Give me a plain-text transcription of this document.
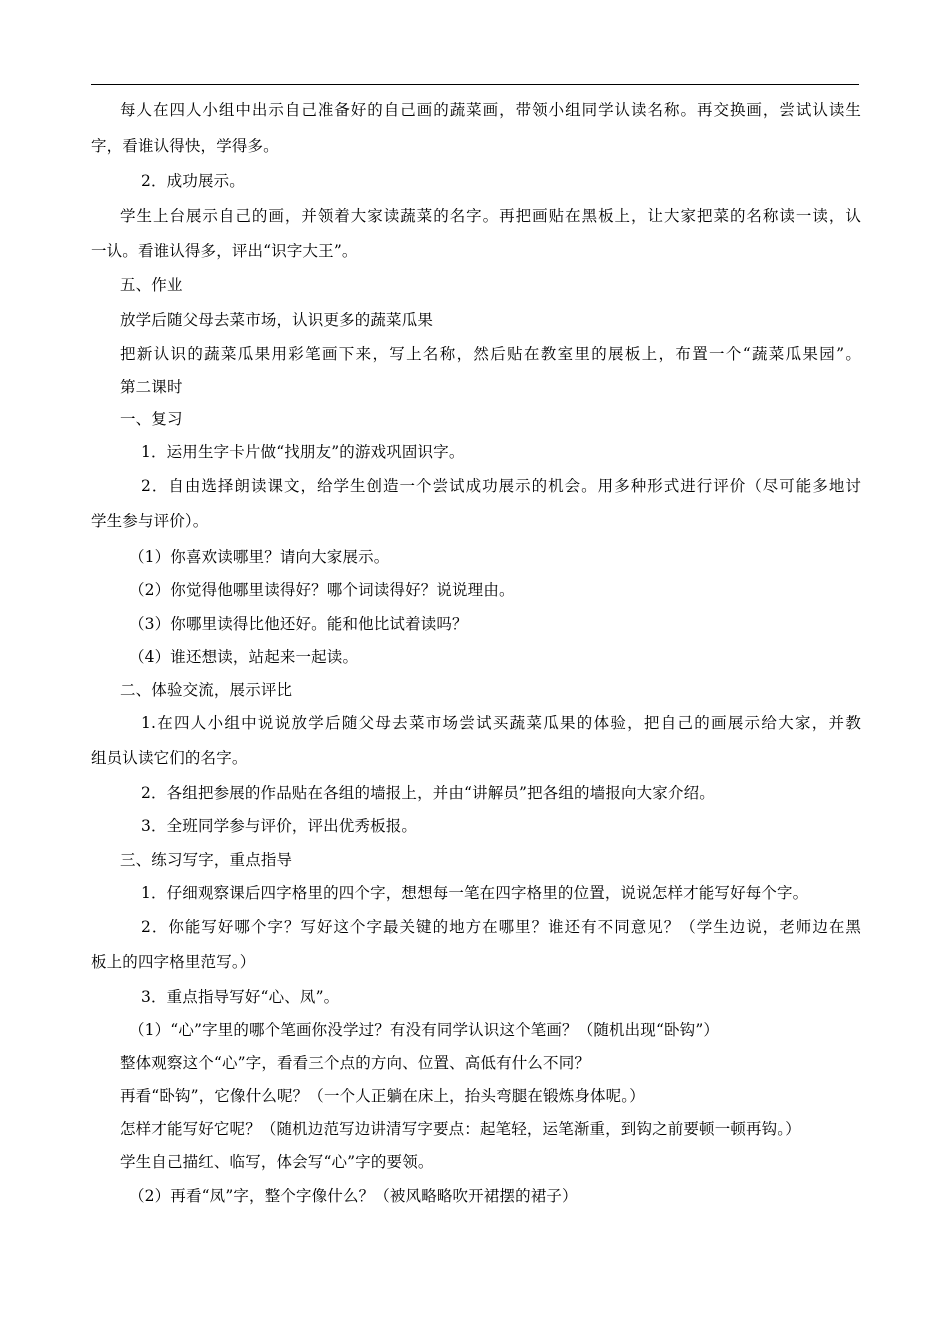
每人在四人小组中出示自己准备好的自己画的蔬菜画，带领小组同学认读名称。再交换画，尝试认读生
字，看谁认得快，学得多。
2．成功展示。
学生上台展示自己的画，并领着大家读蔬菜的名字。再把画贴在黑板上，让大家把菜的名称读一读，认
一认。看谁认得多，评出“识字大王”。
五、作业
放学后随父母去菜市场，认识更多的蔬菜瓜果
把新认识的蔬菜瓜果用彩笔画下来，写上名称，然后贴在教室里的展板上，布置一个“蔬菜瓜果园”。
第二课时
一、复习
1．运用生字卡片做“找朋友”的游戏巩固识字。
2．自由选择朗读课文，给学生创造一个尝试成功展示的机会。用多种形式进行评价（尽可能多地讨
学生参与评价）。
（1）你喜欢读哪里？请向大家展示。
（2）你觉得他哪里读得好？哪个词读得好？说说理由。
（3）你哪里读得比他还好。能和他比试着读吗？
（4）谁还想读，站起来一起读。
二、体验交流，展示评比
1.在四人小组中说说放学后随父母去菜市场尝试买蔬菜瓜果的体验，把自己的画展示给大家，并教
组员认读它们的名字。
2．各组把参展的作品贴在各组的墙报上，并由“讲解员”把各组的墙报向大家介绍。
3．全班同学参与评价，评出优秀板报。
三、练习写字，重点指导
1．仔细观察课后四字格里的四个字，想想每一笔在四字格里的位置，说说怎样才能写好每个字。
2．你能写好哪个字？写好这个字最关键的地方在哪里？谁还有不同意见？（学生边说，老师边在黑
板上的四字格里范写。）
3．重点指导写好“心、凤”。
（1）“心”字里的哪个笔画你没学过？有没有同学认识这个笔画？（随机出现“卧钩”）
整体观察这个“心”字，看看三个点的方向、位置、高低有什么不同？
再看“卧钩”，它像什么呢？（一个人正躺在床上，抬头弯腿在锻炼身体呢。）
怎样才能写好它呢？（随机边范写边讲清写字要点：起笔轻，运笔渐重，到钩之前要顿一顿再钩。）
学生自己描红、临写，体会写“心”字的要领。
（2）再看“凤”字，整个字像什么？（被风略略吹开裙摆的裙子）
